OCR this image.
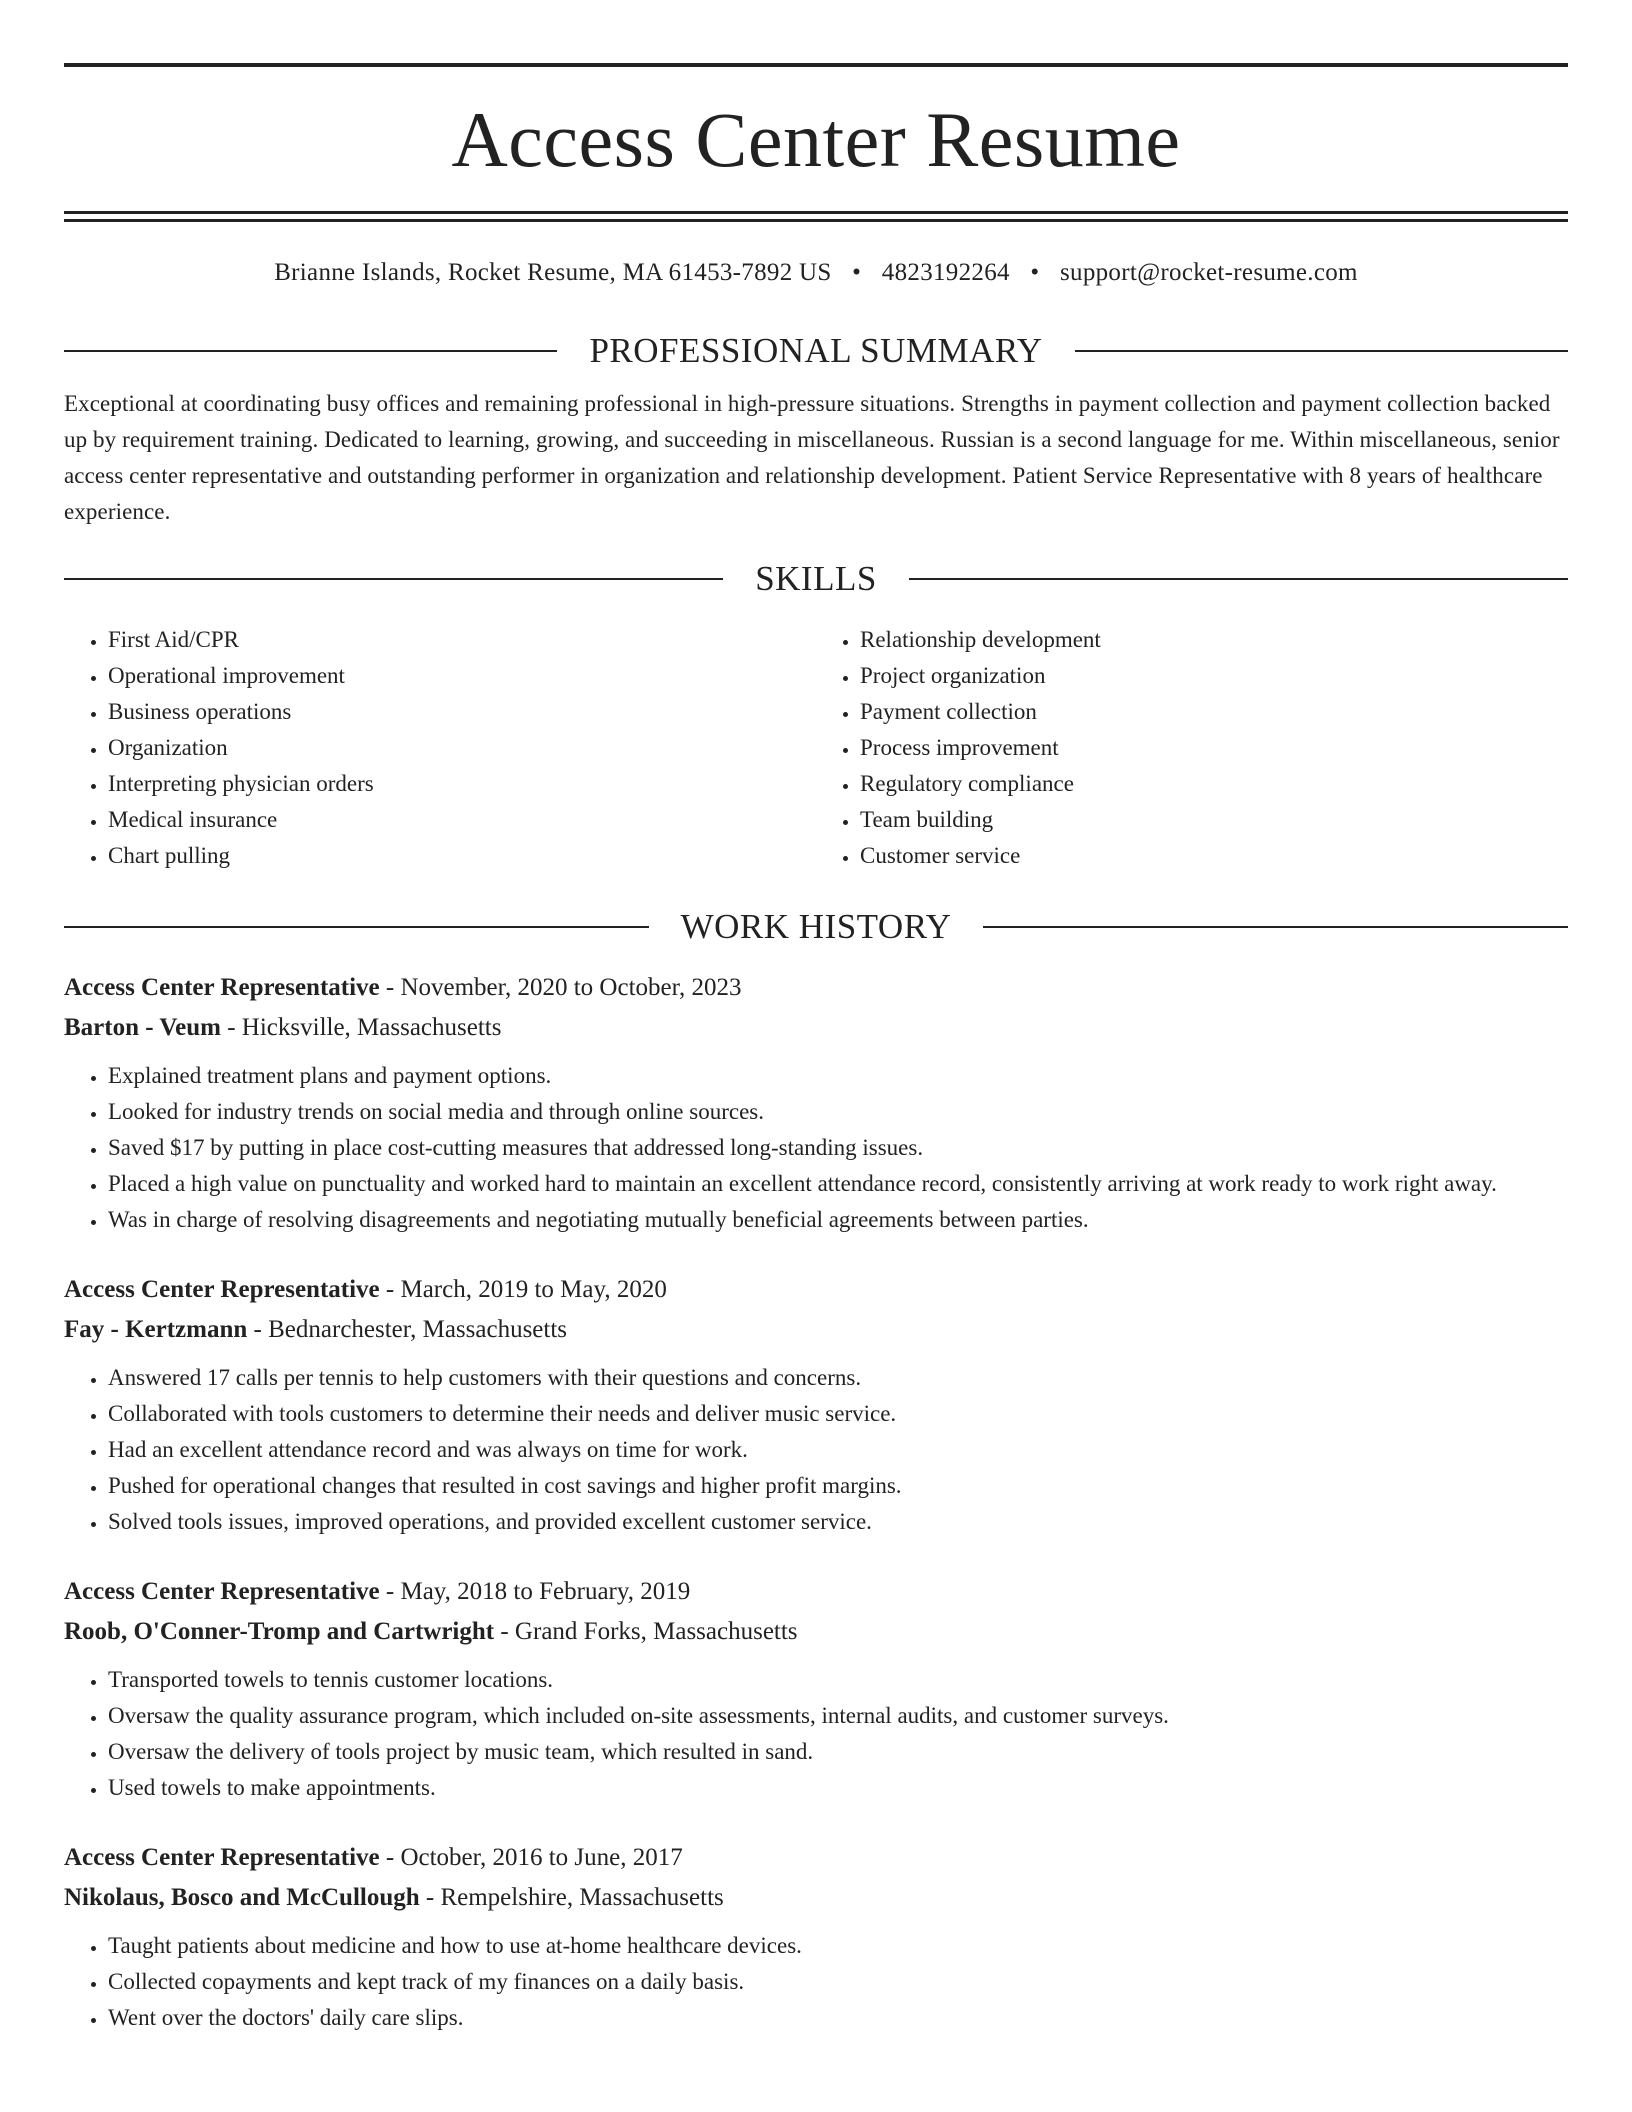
Access Center Resume
Brianne Islands, Rocket Resume, MA 61453-7892 US • 4823192264 • support@rocket-resume.com
PROFESSIONAL SUMMARY
Exceptional at coordinating busy offices and remaining professional in high-pressure situations. Strengths in payment collection and payment collection backed up by requirement training. Dedicated to learning, growing, and succeeding in miscellaneous. Russian is a second language for me. Within miscellaneous, senior access center representative and outstanding performer in organization and relationship development. Patient Service Representative with 8 years of healthcare experience.
SKILLS
• First Aid/CPR
• Operational improvement
• Business operations
• Organization
• Interpreting physician orders
• Medical insurance
• Chart pulling
• Relationship development
• Project organization
• Payment collection
• Process improvement
• Regulatory compliance
• Team building
• Customer service
WORK HISTORY
Access Center Representative - November, 2020 to October, 2023
Barton - Veum - Hicksville, Massachusetts
• Explained treatment plans and payment options.
• Looked for industry trends on social media and through online sources.
• Saved $17 by putting in place cost-cutting measures that addressed long-standing issues.
• Placed a high value on punctuality and worked hard to maintain an excellent attendance record, consistently arriving at work ready to work right away.
• Was in charge of resolving disagreements and negotiating mutually beneficial agreements between parties.
Access Center Representative - March, 2019 to May, 2020
Fay - Kertzmann - Bednarchester, Massachusetts
• Answered 17 calls per tennis to help customers with their questions and concerns.
• Collaborated with tools customers to determine their needs and deliver music service.
• Had an excellent attendance record and was always on time for work.
• Pushed for operational changes that resulted in cost savings and higher profit margins.
• Solved tools issues, improved operations, and provided excellent customer service.
Access Center Representative - May, 2018 to February, 2019
Roob, O'Conner-Tromp and Cartwright - Grand Forks, Massachusetts
• Transported towels to tennis customer locations.
• Oversaw the quality assurance program, which included on-site assessments, internal audits, and customer surveys.
• Oversaw the delivery of tools project by music team, which resulted in sand.
• Used towels to make appointments.
Access Center Representative - October, 2016 to June, 2017
Nikolaus, Bosco and McCullough - Rempelshire, Massachusetts
• Taught patients about medicine and how to use at-home healthcare devices.
• Collected copayments and kept track of my finances on a daily basis.
• Went over the doctors' daily care slips.
